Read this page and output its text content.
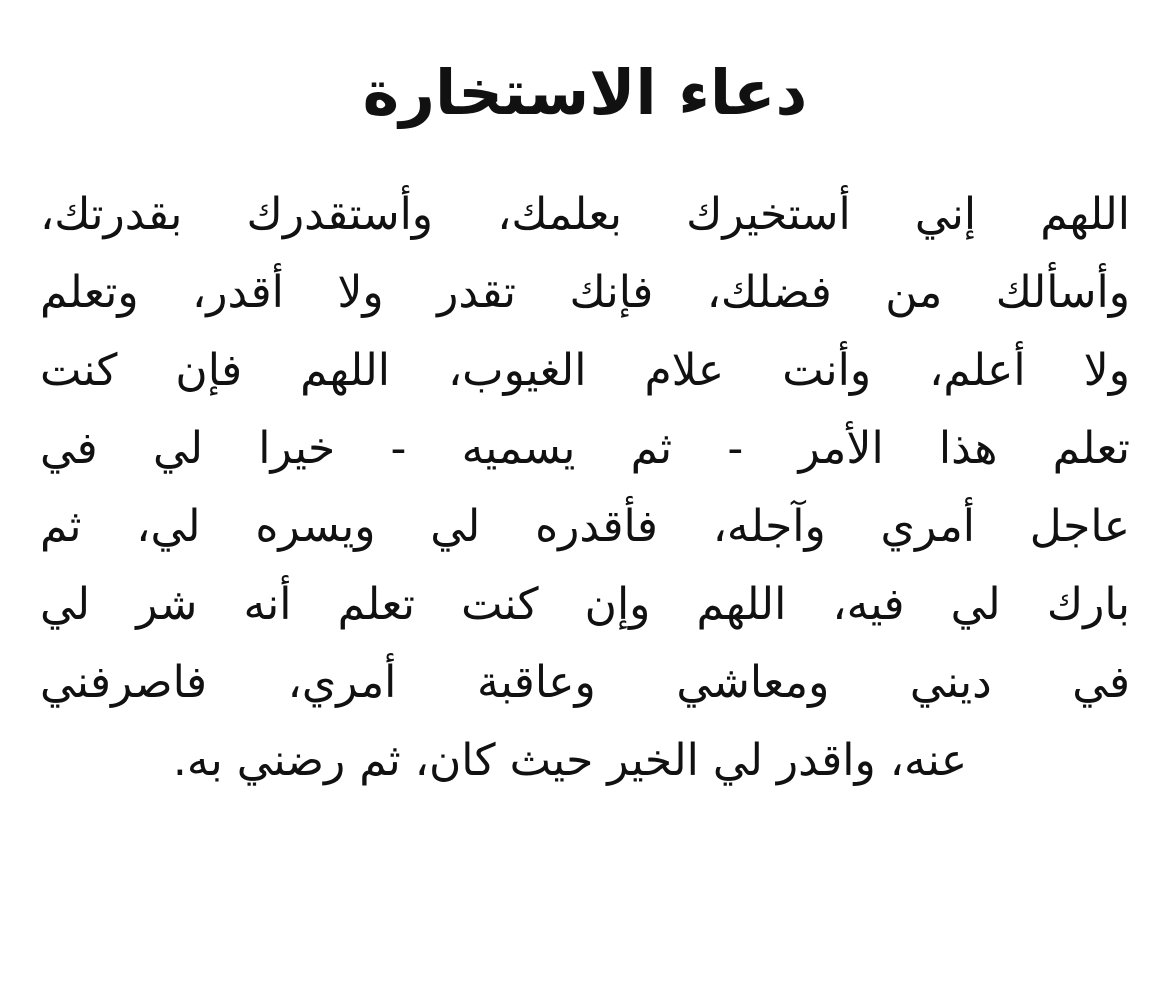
دعاء الاستخارة
اللهم إني أستخيرك بعلمك، وأستقدرك بقدرتك،
وأسألك من فضلك، فإنك تقدر ولا أقدر، وتعلم
ولا أعلم، وأنت علام الغيوب، اللهم فإن كنت
تعلم هذا الأمر - ثم يسميه - خيرا لي في
عاجل أمري وآجله، فأقدره لي ويسره لي، ثم
بارك لي فيه، اللهم وإن كنت تعلم أنه شر لي
في ديني ومعاشي وعاقبة أمري، فاصرفني
عنه، واقدر لي الخير حيث كان، ثم رضني به.
